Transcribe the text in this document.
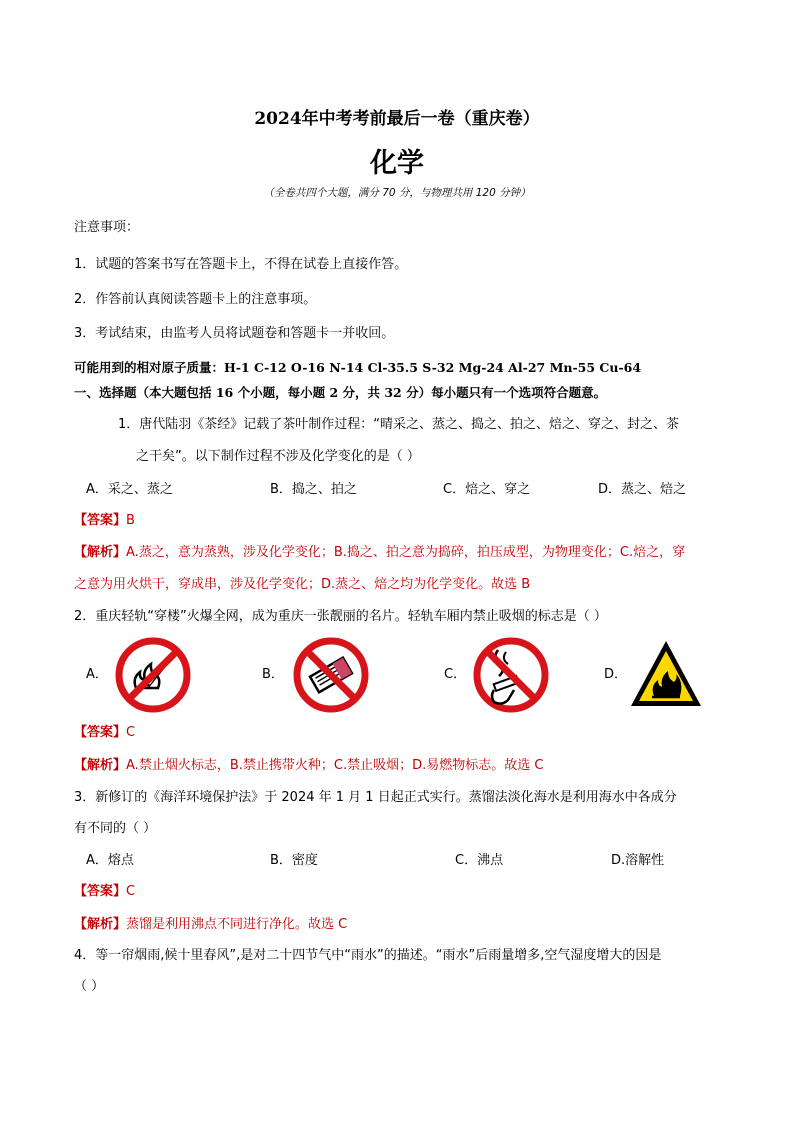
2024年中考考前最后一卷（重庆卷）
化学
（全卷共四个大题，满分 70 分，与物理共用 120 分钟）
注意事项：
1．试题的答案书写在答题卡上，不得在试卷上直接作答。
2．作答前认真阅读答题卡上的注意事项。
3．考试结束，由监考人员将试题卷和答题卡一并收回。
可能用到的相对原子质量：H-1 C-12 O-16 N-14 Cl-35.5 S-32 Mg-24 Al-27 Mn-55 Cu-64
一、选择题（本大题包括 16 个小题，每小题 2 分，共 32 分）每小题只有一个选项符合题意。
1．唐代陆羽《茶经》记载了茶叶制作过程：“晴采之、蒸之、捣之、拍之、焙之、穿之、封之、茶
之干矣”。以下制作过程不涉及化学变化的是（ ）
A．采之、蒸之	B．捣之、拍之	C．焙之、穿之	D．蒸之、焙之
【答案】B
【解析】A.蒸之，意为蒸熟，涉及化学变化；B.捣之、拍之意为捣碎，拍压成型，为物理变化；C.焙之，穿
之意为用火烘干，穿成串，涉及化学变化；D.蒸之、焙之均为化学变化。故选 B
2．重庆轻轨“穿楼”火爆全网，成为重庆一张靓丽的名片。轻轨车厢内禁止吸烟的标志是（ ）
A．	B．	C．	D．
【答案】C
【解析】A.禁止烟火标志，B.禁止携带火种；C.禁止吸烟；D.易燃物标志。故选 C
3．新修订的《海洋环境保护法》于 2024 年 1 月 1 日起正式实行。蒸馏法淡化海水是利用海水中各成分
有不同的（ ）
A．熔点	B．密度	C．沸点	D.溶解性
【答案】C
【解析】蒸馏是利用沸点不同进行净化。故选 C
4．等一帘烟雨,候十里春风”,是对二十四节气中“雨水”的描述。“雨水”后雨量增多,空气湿度增大的因是
（ ）
